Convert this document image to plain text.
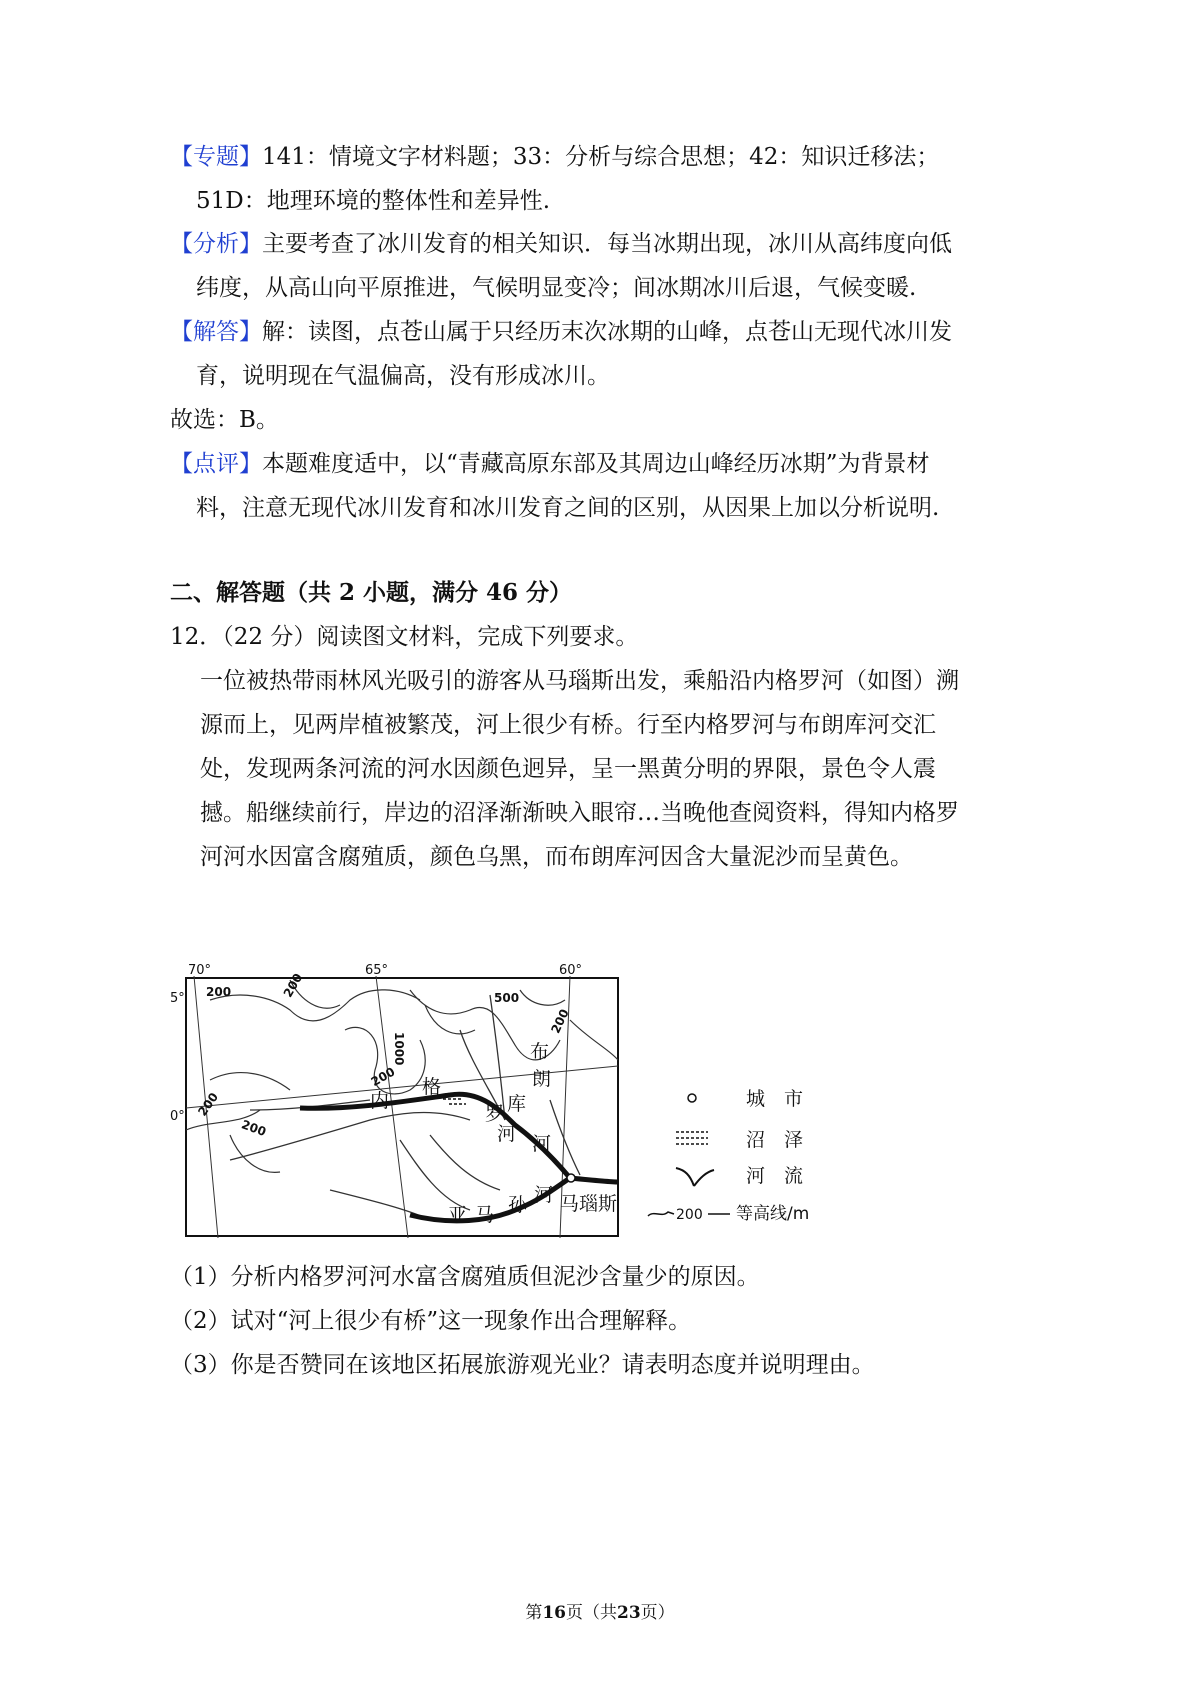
【专题】141：情境文字材料题；33：分析与综合思想；42：知识迁移法；
51D：地理环境的整体性和差异性.
【分析】主要考查了冰川发育的相关知识．每当冰期出现，冰川从高纬度向低
纬度，从高山向平原推进，气候明显变冷；间冰期冰川后退，气候变暖.
【解答】解：读图，点苍山属于只经历末次冰期的山峰，点苍山无现代冰川发
育，说明现在气温偏高，没有形成冰川。
故选：B。
【点评】本题难度适中，以“青藏高原东部及其周边山峰经历冰期”为背景材
料，注意无现代冰川发育和冰川发育之间的区别，从因果上加以分析说明.
二、解答题（共 2 小题，满分 46 分）
12．（22 分）阅读图文材料，完成下列要求。
一位被热带雨林风光吸引的游客从马瑙斯出发，乘船沿内格罗河（如图）溯
源而上，见两岸植被繁茂，河上很少有桥。行至内格罗河与布朗库河交汇
处，发现两条河流的河水因颜色迥异，呈一黑黄分明的界限，景色令人震
撼。船继续前行，岸边的沼泽渐渐映入眼帘…当晚他查阅资料，得知内格罗
河河水因富含腐殖质，颜色乌黑，而布朗库河因含大量泥沙而呈黄色。
70°	65°	60°
5°
0°
200	200	500
1000
200
200
200
200
布
朗
库
河
内
格
罗
河
亚 马 孙 河 马瑙斯
城　市
沼　泽
河　流
200 等高线/m
（1）分析内格罗河河水富含腐殖质但泥沙含量少的原因。
（2）试对“河上很少有桥”这一现象作出合理解释。
（3）你是否赞同在该地区拓展旅游观光业？请表明态度并说明理由。
第16页（共23页）
